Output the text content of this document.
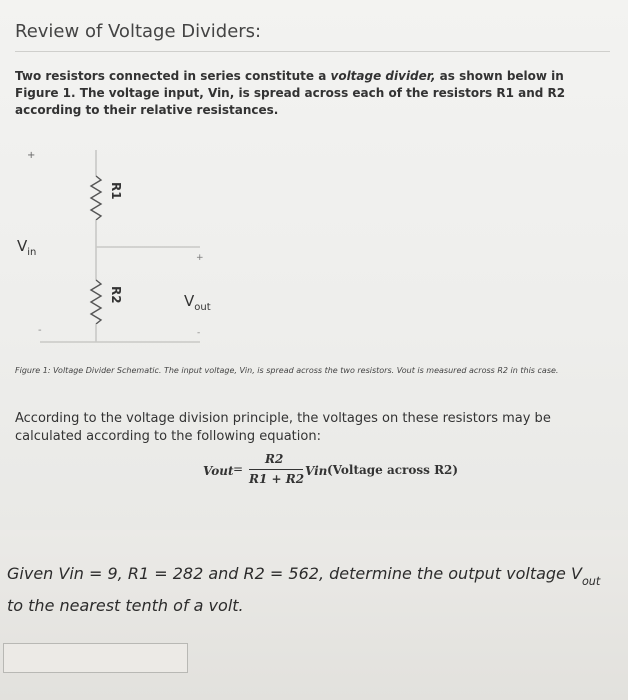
Review of Voltage Dividers:

Two resistors connected in series constitute a voltage divider, as shown below in Figure 1. The voltage input, Vin, is spread across each of the resistors R1 and R2 according to their relative resistances.

+
-
$V_{in}$
R1
R2
+
$V_{out}$
-

Figure 1: Voltage Divider Schematic. The input voltage, Vin, is spread across the two resistors. Vout is measured across R2 in this case.

According to the voltage division principle, the voltages on these resistors may be calculated according to the following equation:

Vout =
R2
R1 + R2
Vin (Voltage across R2)

Given Vin = 9, R1 = 282 and R2 = 562, determine the output voltage $V_{out}$ to the nearest tenth of a volt.
